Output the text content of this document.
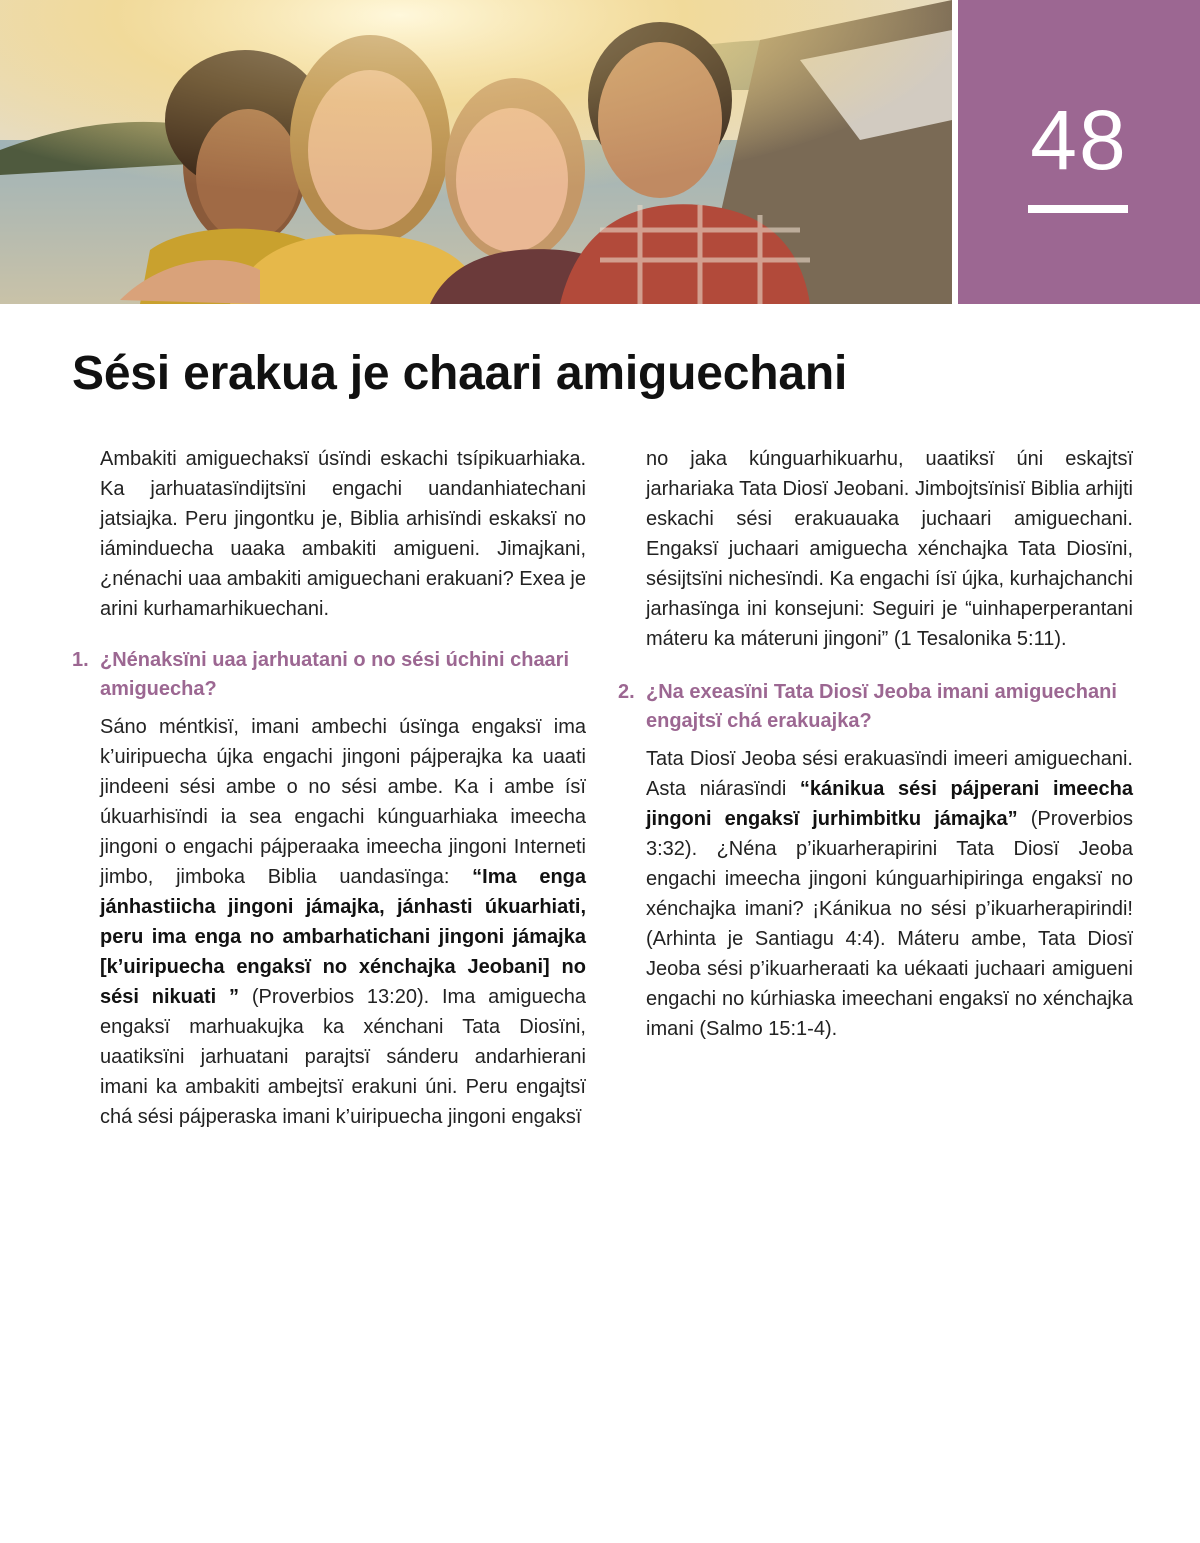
48
Sési erakua je chaari amiguechani

Ambakiti amiguechaksï úsïndi eskachi tsípikuarhiaka. Ka jarhuatasïndijtsïni engachi uandanhiatechani jatsiajka. Peru jingontku je, Biblia arhisïndi eskaksï no iáminduecha uaaka ambakiti amigueni. Jimajkani, ¿nénachi uaa ambakiti amiguechani erakuani? Exea je arini kurhamarhikuechani.

1. ¿Nénaksïni uaa jarhuatani o no sési úchini chaari amiguecha?

Sáno méntkisï, imani ambechi úsïnga engaksï ima k’uiripuecha újka engachi jingoni pájperajka ka uaati jindeeni sési ambe o no sési ambe. Ka i ambe ísï úkuarhisïndi ia sea engachi kúnguarhiaka imeecha jingoni o engachi pájperaaka imeecha jingoni Interneti jimbo, jimboka Biblia uandasïnga: “Ima enga jánhastiicha jingoni jámajka, jánhasti úkuarhiati, peru ima enga no ambarhatichani jingoni jámajka [k’uiripuecha engaksï no xénchajka Jeobani] no sési nikuati ” (Proverbios 13:20). Ima amiguecha engaksï marhuakujka ka xénchani Tata Diosïni, uaatiksïni jarhuatani parajtsï sánderu andarhierani imani ka ambakiti ambejtsï erakuni úni. Peru engajtsï chá sési pájperaska imani k’uiripuecha jingoni engaksï

no jaka kúnguarhikuarhu, uaatiksï úni eskajtsï jarhariaka Tata Diosï Jeobani. Jimbojtsïnisï Biblia arhijti eskachi sési erakuauaka juchaari amiguechani. Engaksï juchaari amiguecha xénchajka Tata Diosïni, sésijtsïni nichesïndi. Ka engachi ísï újka, kurhajchanchi jarhasïnga ini konsejuni: Seguiri je “uinhaperperantani máteru ka máteruni jingoni” (1 Tesalonika 5:11).

2. ¿Na exeasïni Tata Diosï Jeoba imani amiguechani engajtsï chá erakuajka?

Tata Diosï Jeoba sési erakuasïndi imeeri amiguechani. Asta niárasïndi “kánikua sési pájperani imeecha jingoni engaksï jurhimbitku jámajka” (Proverbios 3:32). ¿Néna p’ikuarherapirini Tata Diosï Jeoba engachi imeecha jingoni kúnguarhipiringa engaksï no xénchajka imani? ¡Kánikua no sési p’ikuarherapirindi! (Arhinta je Santiagu 4:4). Máteru ambe, Tata Diosï Jeoba sési p’ikuarheraati ka uékaati juchaari amigueni engachi no kúrhiaska imeechani engaksï no xénchajka imani (Salmo 15:1-4).
